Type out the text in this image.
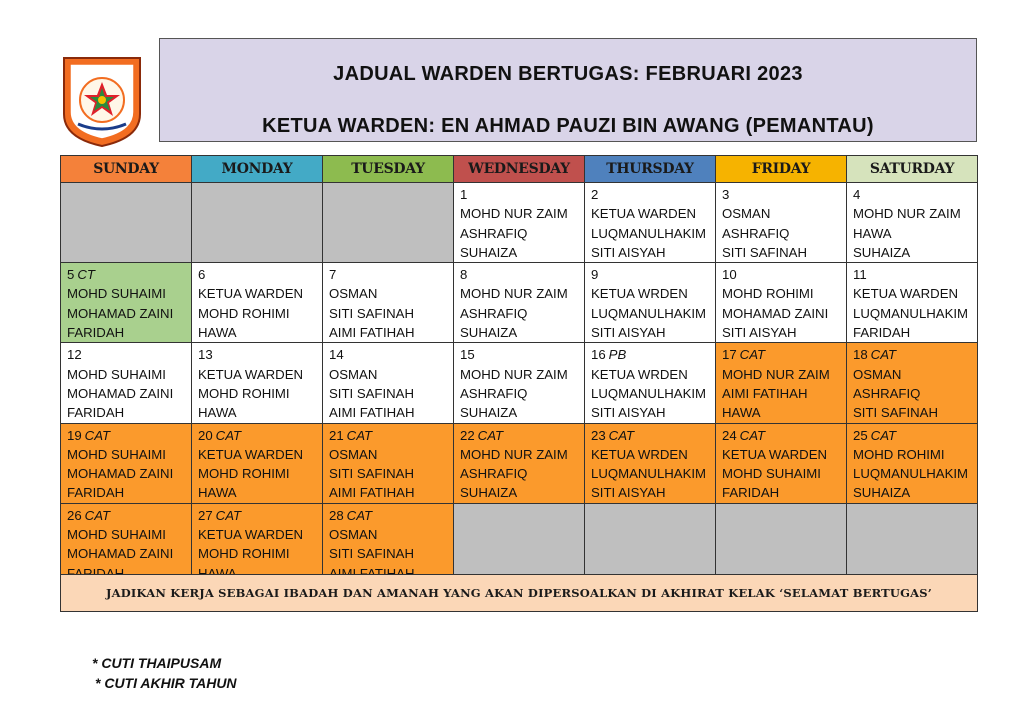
JADUAL WARDEN BERTUGAS: FEBRUARI 2023
KETUA WARDEN: EN AHMAD PAUZI BIN AWANG (PEMANTAU)
SUNDAY	MONDAY	TUESDAY	WEDNESDAY	THURSDAY	FRIDAY	SATURDAY

			1
MOHD NUR ZAIM
ASHRAFIQ
SUHAIZA	2
KETUA WARDEN
LUQMANULHAKIM
SITI AISYAH	3
OSMAN
ASHRAFIQ
SITI SAFINAH	4
MOHD NUR ZAIM
HAWA
SUHAIZA

5 CT
MOHD SUHAIMI
MOHAMAD ZAINI
FARIDAH	6
KETUA WARDEN
MOHD ROHIMI
HAWA	7
OSMAN
SITI SAFINAH
AIMI FATIHAH	8
MOHD NUR ZAIM
ASHRAFIQ
SUHAIZA	9
KETUA WRDEN
LUQMANULHAKIM
SITI AISYAH	10
MOHD ROHIMI
MOHAMAD ZAINI
SITI AISYAH	11
KETUA WARDEN
LUQMANULHAKIM
FARIDAH

12
MOHD SUHAIMI
MOHAMAD ZAINI
FARIDAH	13
KETUA WARDEN
MOHD ROHIMI
HAWA	14
OSMAN
SITI SAFINAH
AIMI FATIHAH	15
MOHD NUR ZAIM
ASHRAFIQ
SUHAIZA	16 PB
KETUA WRDEN
LUQMANULHAKIM
SITI AISYAH	17 CAT
MOHD NUR ZAIM
AIMI FATIHAH
HAWA	18 CAT
OSMAN
ASHRAFIQ
SITI SAFINAH

19 CAT
MOHD SUHAIMI
MOHAMAD ZAINI
FARIDAH	20 CAT
KETUA WARDEN
MOHD ROHIMI
HAWA	21 CAT
OSMAN
SITI SAFINAH
AIMI FATIHAH	22 CAT
MOHD NUR ZAIM
ASHRAFIQ
SUHAIZA	23 CAT
KETUA WRDEN
LUQMANULHAKIM
SITI AISYAH	24 CAT
KETUA WARDEN
MOHD SUHAIMI
FARIDAH	25 CAT
MOHD ROHIMI
LUQMANULHAKIM
SUHAIZA

26 CAT
MOHD SUHAIMI
MOHAMAD ZAINI	27 CAT
KETUA WARDEN
MOHD ROHIMI	28 CAT
OSMAN
SITI SAFINAH				

JADIKAN KERJA SEBAGAI IBADAH DAN AMANAH YANG AKAN DIPERSOALKAN DI AKHIRAT KELAK ‘SELAMAT BERTUGAS’
* CUTI THAIPUSAM
* CUTI AKHIR TAHUN
